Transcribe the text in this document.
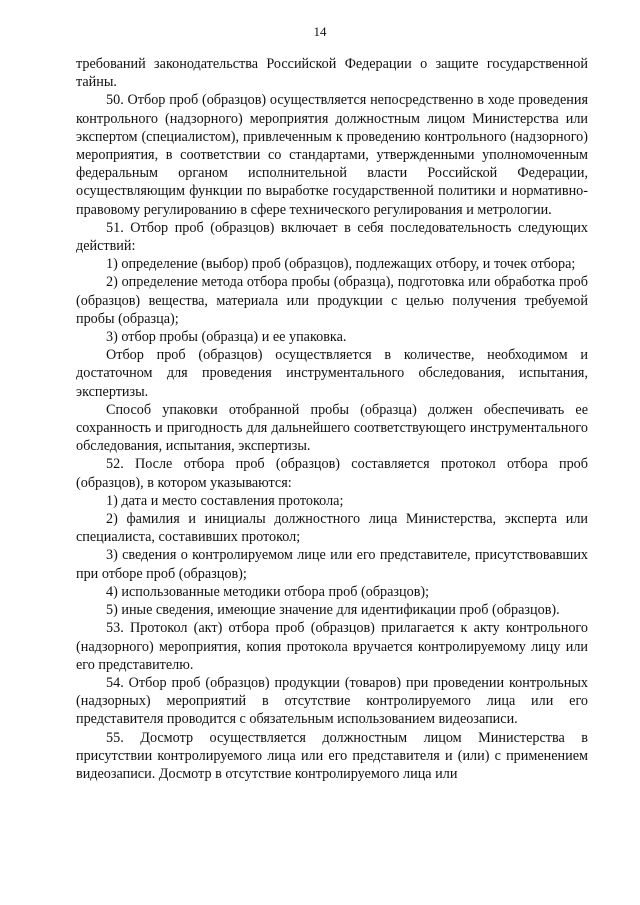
14

требований законодательства Российской Федерации о защите государственной тайны.

50. Отбор проб (образцов) осуществляется непосредственно в ходе проведения контрольного (надзорного) мероприятия должностным лицом Министерства или экспертом (специалистом), привлеченным к проведению контрольного (надзорного) мероприятия, в соответствии со стандартами, утвержденными уполномоченным федеральным органом исполнительной власти Российской Федерации, осуществляющим функции по выработке государственной политики и нормативно-правовому регулированию в сфере технического регулирования и метрологии.

51. Отбор проб (образцов) включает в себя последовательность следующих действий:

1) определение (выбор) проб (образцов), подлежащих отбору, и точек отбора;

2) определение метода отбора пробы (образца), подготовка или обработка проб (образцов) вещества, материала или продукции с целью получения требуемой пробы (образца);

3) отбор пробы (образца) и ее упаковка.

Отбор проб (образцов) осуществляется в количестве, необходимом и достаточном для проведения инструментального обследования, испытания, экспертизы.

Способ упаковки отобранной пробы (образца) должен обеспечивать ее сохранность и пригодность для дальнейшего соответствующего инструментального обследования, испытания, экспертизы.

52. После отбора проб (образцов) составляется протокол отбора проб (образцов), в котором указываются:

1) дата и место составления протокола;

2) фамилия и инициалы должностного лица Министерства, эксперта или специалиста, составивших протокол;

3) сведения о контролируемом лице или его представителе, присутствовавших при отборе проб (образцов);

4) использованные методики отбора проб (образцов);

5) иные сведения, имеющие значение для идентификации проб (образцов).

53. Протокол (акт) отбора проб (образцов) прилагается к акту контрольного (надзорного) мероприятия, копия протокола вручается контролируемому лицу или его представителю.

54. Отбор проб (образцов) продукции (товаров) при проведении контрольных (надзорных) мероприятий в отсутствие контролируемого лица или его представителя проводится с обязательным использованием видеозаписи.

55. Досмотр осуществляется должностным лицом Министерства в присутствии контролируемого лица или его представителя и (или) с применением видеозаписи. Досмотр в отсутствие контролируемого лица или
